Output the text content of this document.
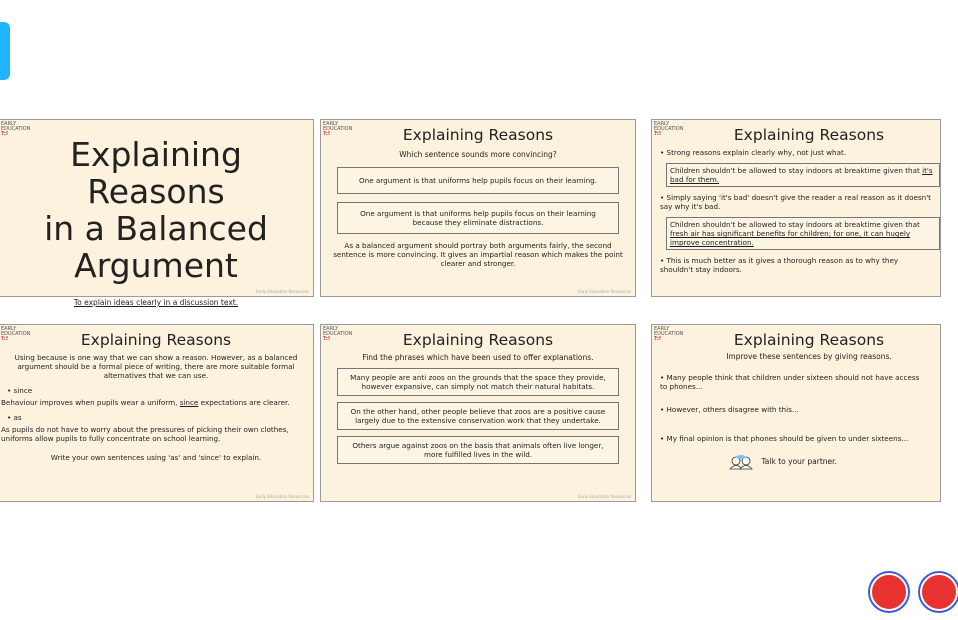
EARLY EDUCATION
?:!
Explaining Reasons
in a Balanced
Argument
To explain ideas clearly in a discussion text.
Early Education Resources
EARLY EDUCATION
?:!	Explaining Reasons
Which sentence sounds more convincing?
One argument is that uniforms help pupils focus on their learning.
One argument is that uniforms help pupils focus on their learning because they eliminate distractions.
As a balanced argument should portray both arguments fairly, the second sentence is more convincing. It gives an impartial reason which makes the point clearer and stronger.
Early Education Resources
EARLY EDUCATION
?:!	Explaining Reasons
• Strong reasons explain clearly why, not just what.
Children shouldn't be allowed to stay indoors at breaktime given that it's bad for them.
• Simply saying 'it's bad' doesn't give the reader a real reason as it doesn't say why it's bad.
Children shouldn't be allowed to stay indoors at breaktime given that fresh air has significant benefits for children; for one, it can hugely improve concentration.
• This is much better as it gives a thorough reason as to why they shouldn't stay indoors.
EARLY EDUCATION
?:!	Explaining Reasons
Using because is one way that we can show a reason. However, as a balanced argument should be a formal piece of writing, there are more suitable formal alternatives that we can use.
• since
Behaviour improves when pupils wear a uniform, since expectations are clearer.
• as
As pupils do not have to worry about the pressures of picking their own clothes, uniforms allow pupils to fully concentrate on school learning.
Write your own sentences using 'as' and 'since' to explain.
Early Education Resources
EARLY EDUCATION
?:!	Explaining Reasons
Find the phrases which have been used to offer explanations.
Many people are anti zoos on the grounds that the space they provide, however expansive, can simply not match their natural habitats.
On the other hand, other people believe that zoos are a positive cause largely due to the extensive conservation work that they undertake.
Others argue against zoos on the basis that animals often live longer, more fulfilled lives in the wild.
Early Education Resources
EARLY EDUCATION
?:!	Explaining Reasons
Improve these sentences by giving reasons.
• Many people think that children under sixteen should not have access to phones...
• However, others disagree with this...
• My final opinion is that phones should be given to under sixteens...
Talk to your partner.
